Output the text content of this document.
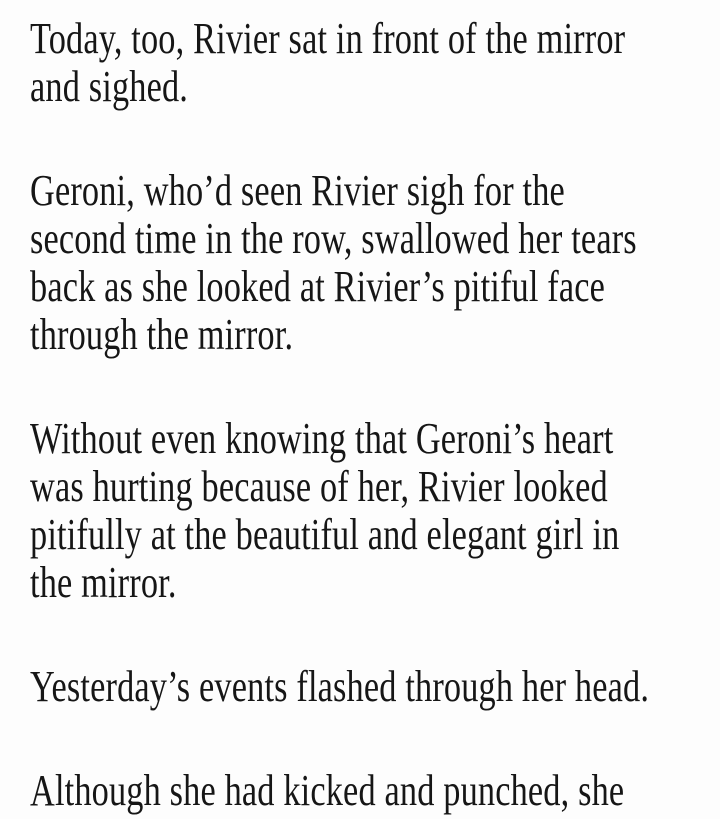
Today, too, Rivier sat in front of the mirror
and sighed.
Geroni, who’d seen Rivier sigh for the
second time in the row, swallowed her tears
back as she looked at Rivier’s pitiful face
through the mirror.
Without even knowing that Geroni’s heart
was hurting because of her, Rivier looked
pitifully at the beautiful and elegant girl in
the mirror.
Yesterday’s events flashed through her head.
Although she had kicked and punched, she
